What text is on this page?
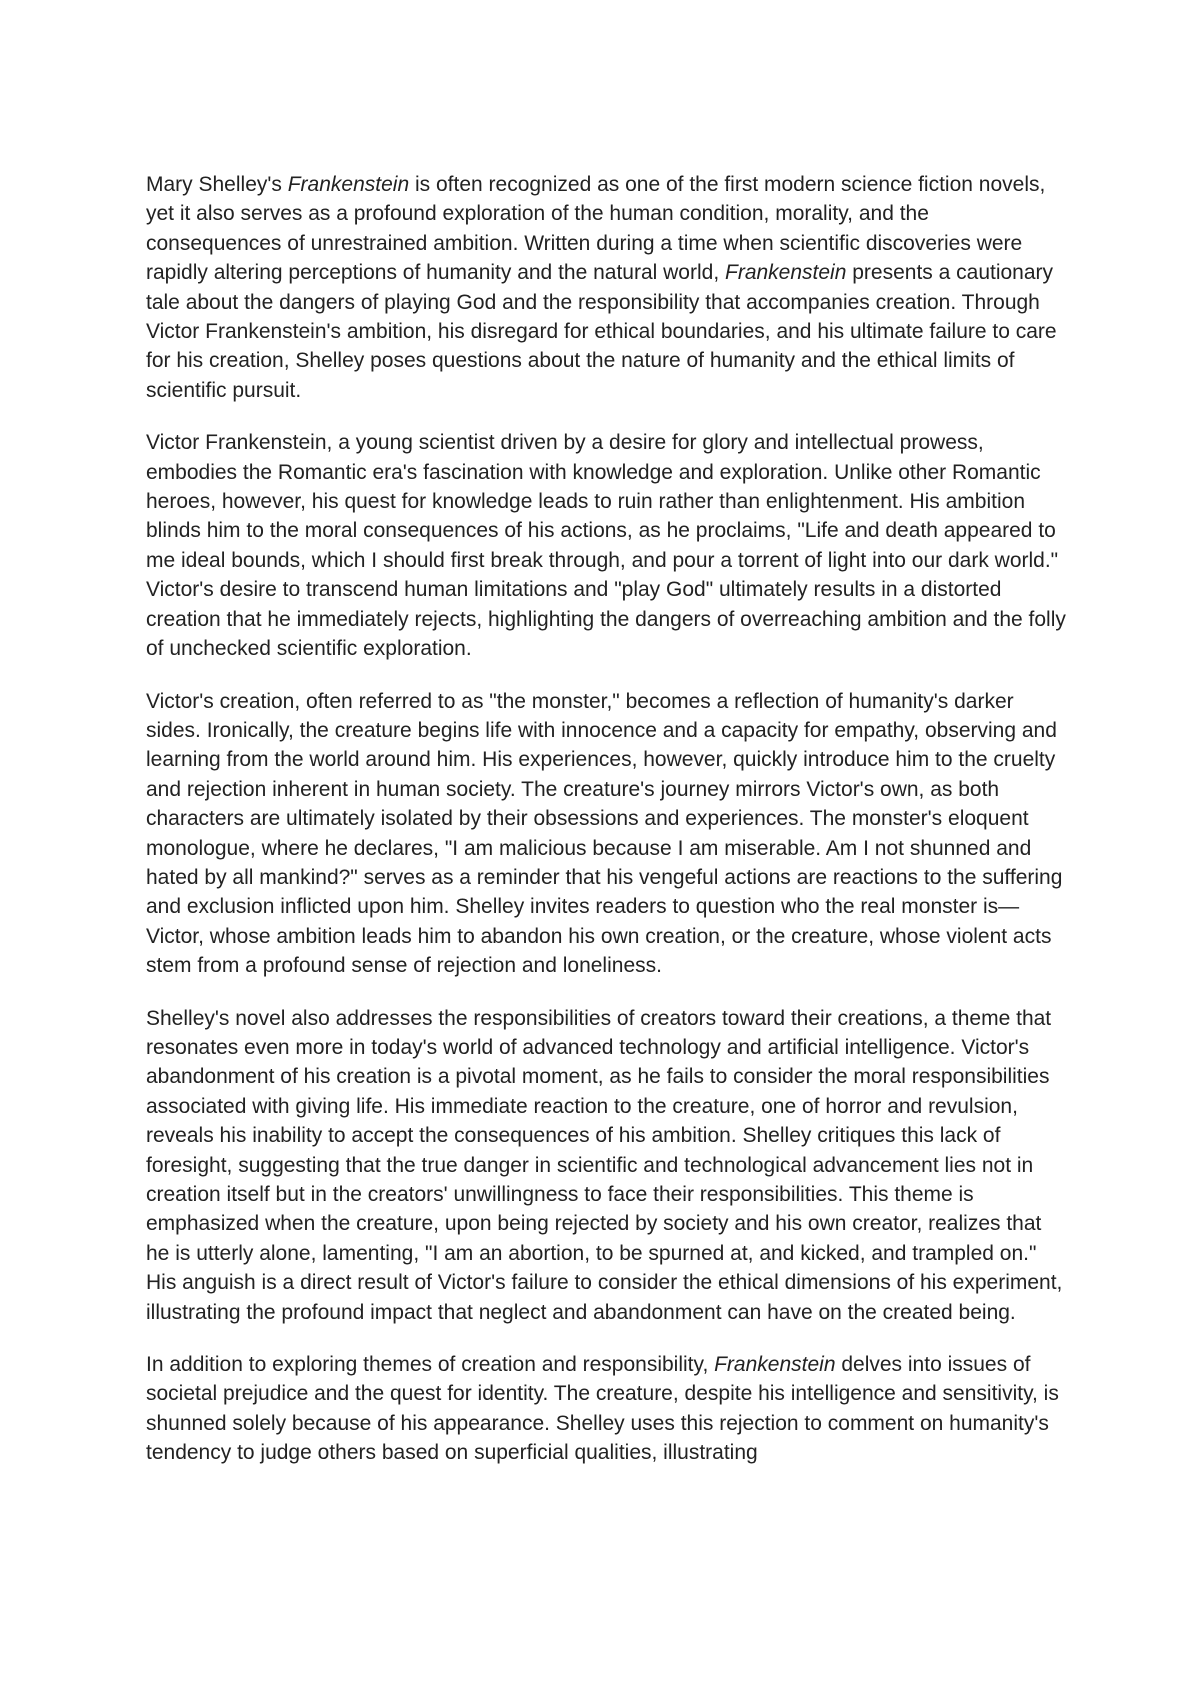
Mary Shelley's Frankenstein is often recognized as one of the first modern science fiction novels, yet it also serves as a profound exploration of the human condition, morality, and the consequences of unrestrained ambition. Written during a time when scientific discoveries were rapidly altering perceptions of humanity and the natural world, Frankenstein presents a cautionary tale about the dangers of playing God and the responsibility that accompanies creation. Through Victor Frankenstein's ambition, his disregard for ethical boundaries, and his ultimate failure to care for his creation, Shelley poses questions about the nature of humanity and the ethical limits of scientific pursuit.

Victor Frankenstein, a young scientist driven by a desire for glory and intellectual prowess, embodies the Romantic era's fascination with knowledge and exploration. Unlike other Romantic heroes, however, his quest for knowledge leads to ruin rather than enlightenment. His ambition blinds him to the moral consequences of his actions, as he proclaims, "Life and death appeared to me ideal bounds, which I should first break through, and pour a torrent of light into our dark world." Victor's desire to transcend human limitations and "play God" ultimately results in a distorted creation that he immediately rejects, highlighting the dangers of overreaching ambition and the folly of unchecked scientific exploration.

Victor's creation, often referred to as "the monster," becomes a reflection of humanity's darker sides. Ironically, the creature begins life with innocence and a capacity for empathy, observing and learning from the world around him. His experiences, however, quickly introduce him to the cruelty and rejection inherent in human society. The creature's journey mirrors Victor's own, as both characters are ultimately isolated by their obsessions and experiences. The monster's eloquent monologue, where he declares, "I am malicious because I am miserable. Am I not shunned and hated by all mankind?" serves as a reminder that his vengeful actions are reactions to the suffering and exclusion inflicted upon him. Shelley invites readers to question who the real monster is—Victor, whose ambition leads him to abandon his own creation, or the creature, whose violent acts stem from a profound sense of rejection and loneliness.

Shelley's novel also addresses the responsibilities of creators toward their creations, a theme that resonates even more in today's world of advanced technology and artificial intelligence. Victor's abandonment of his creation is a pivotal moment, as he fails to consider the moral responsibilities associated with giving life. His immediate reaction to the creature, one of horror and revulsion, reveals his inability to accept the consequences of his ambition. Shelley critiques this lack of foresight, suggesting that the true danger in scientific and technological advancement lies not in creation itself but in the creators' unwillingness to face their responsibilities. This theme is emphasized when the creature, upon being rejected by society and his own creator, realizes that he is utterly alone, lamenting, "I am an abortion, to be spurned at, and kicked, and trampled on." His anguish is a direct result of Victor's failure to consider the ethical dimensions of his experiment, illustrating the profound impact that neglect and abandonment can have on the created being.

In addition to exploring themes of creation and responsibility, Frankenstein delves into issues of societal prejudice and the quest for identity. The creature, despite his intelligence and sensitivity, is shunned solely because of his appearance. Shelley uses this rejection to comment on humanity's tendency to judge others based on superficial qualities, illustrating
